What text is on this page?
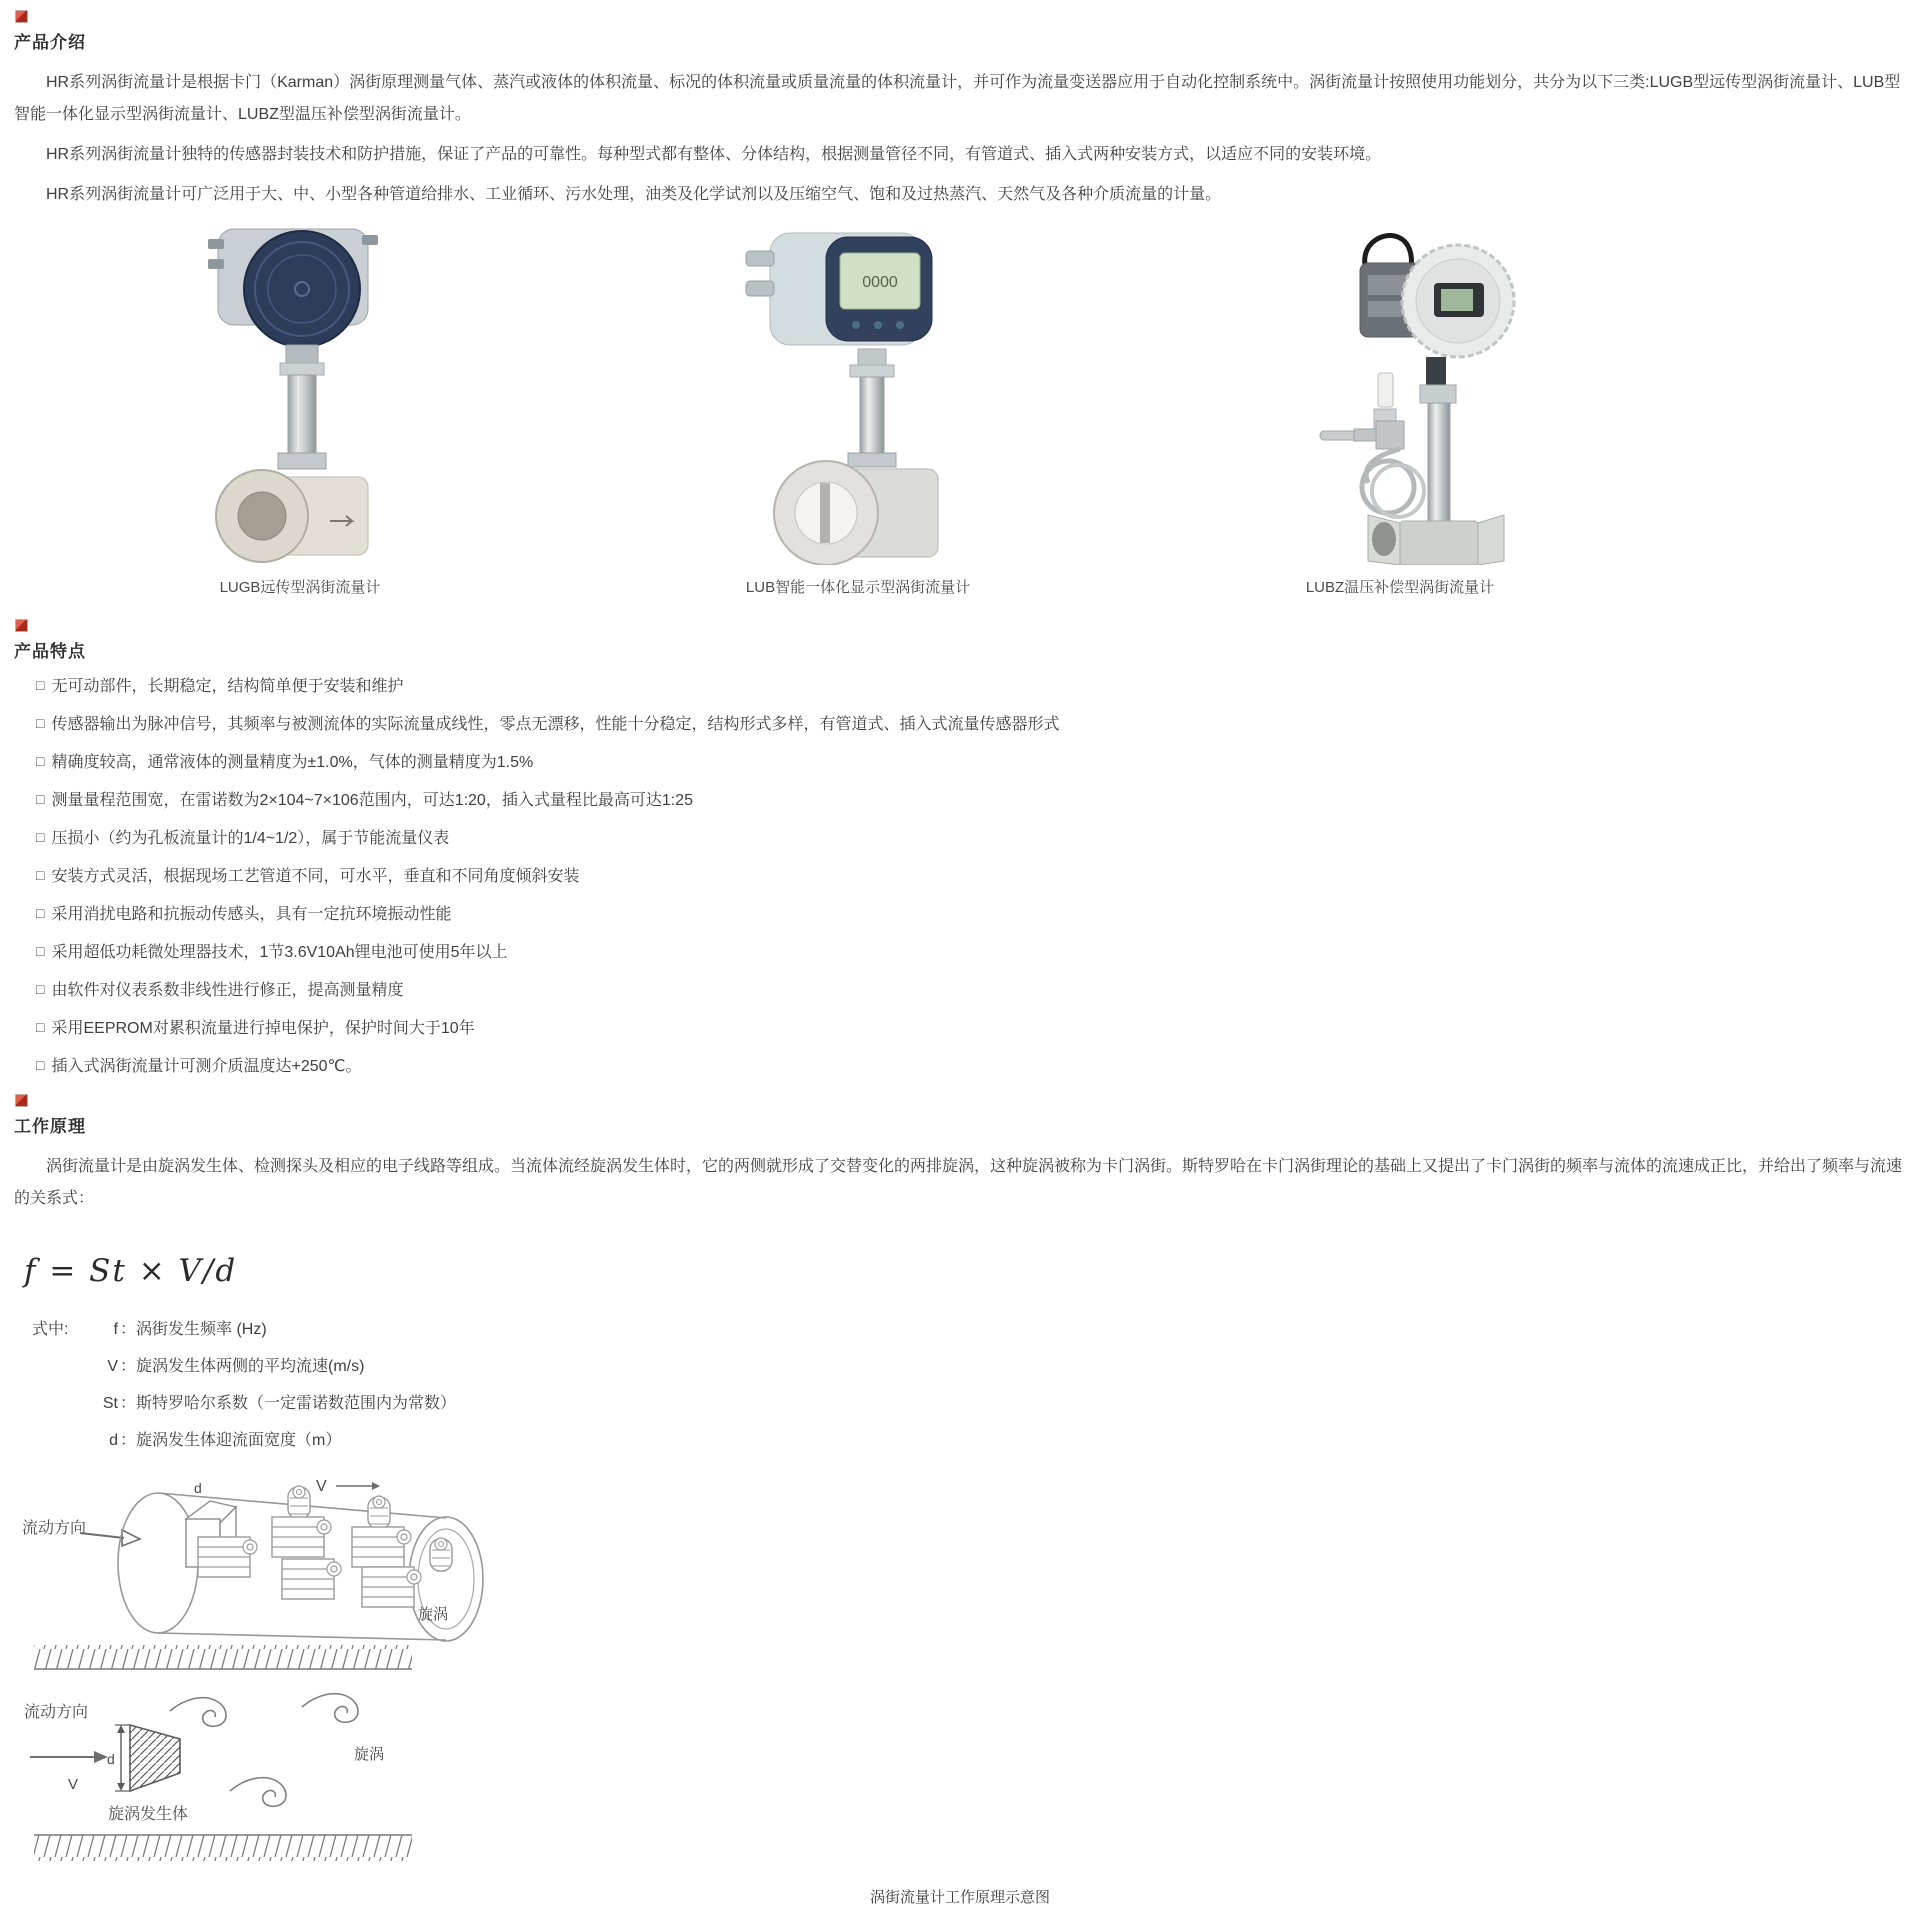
产品介绍

HR系列涡街流量计是根据卡门（Karman）涡街原理测量气体、蒸汽或液体的体积流量、标况的体积流量或质量流量的体积流量计，并可作为流量变送器应用于自动化控制系统中。涡街流量计按照使用功能划分，共分为以下三类:LUGB型远传型涡街流量计、LUB型智能一体化显示型涡街流量计、LUBZ型温压补偿型涡街流量计。

HR系列涡街流量计独特的传感器封装技术和防护措施，保证了产品的可靠性。每种型式都有整体、分体结构，根据测量管径不同，有管道式、插入式两种安装方式，以适应不同的安装环境。

HR系列涡街流量计可广泛用于大、中、小型各种管道给排水、工业循环、污水处理，油类及化学试剂以及压缩空气、饱和及过热蒸汽、天然气及各种介质流量的计量。

LUGB远传型涡街流量计
0000
LUB智能一体化显示型涡街流量计	LUBZ温压补偿型涡街流量计
产品特点
□ 无可动部件，长期稳定，结构简单便于安装和维护
□ 传感器输出为脉冲信号，其频率与被测流体的实际流量成线性，零点无漂移，性能十分稳定，结构形式多样，有管道式、插入式流量传感器形式
□ 精确度较高，通常液体的测量精度为±1.0%，气体的测量精度为1.5%
□ 测量量程范围宽，在雷诺数为2×104~7×106范围内，可达1:20，插入式量程比最高可达1:25
□ 压损小（约为孔板流量计的1/4~1/2），属于节能流量仪表
□ 安装方式灵活，根据现场工艺管道不同，可水平，垂直和不同角度倾斜安装
□ 采用消扰电路和抗振动传感头，具有一定抗环境振动性能
□ 采用超低功耗微处理器技术，1节3.6V10Ah锂电池可使用5年以上
□ 由软件对仪表系数非线性进行修正，提高测量精度
□ 采用EEPROM对累积流量进行掉电保护，保护时间大于10年
□ 插入式涡街流量计可测介质温度达+250℃。
工作原理

涡街流量计是由旋涡发生体、检测探头及相应的电子线路等组成。当流体流经旋涡发生体时，它的两侧就形成了交替变化的两排旋涡，这种旋涡被称为卡门涡街。斯特罗哈在卡门涡街理论的基础上又提出了卡门涡街的频率与流体的流速成正比，并给出了频率与流速的关系式：

f = St × V/d
式中:	f ：涡街发生频率 (Hz)
V ：旋涡发生体两侧的平均流速(m/s)
St ：斯特罗哈尔系数（一定雷诺数范围内为常数）
d ：旋涡发生体迎流面宽度（m）
流动方向
d	V
旋涡
流动方向
V
d
旋涡发生体
旋涡
涡街流量计工作原理示意图
